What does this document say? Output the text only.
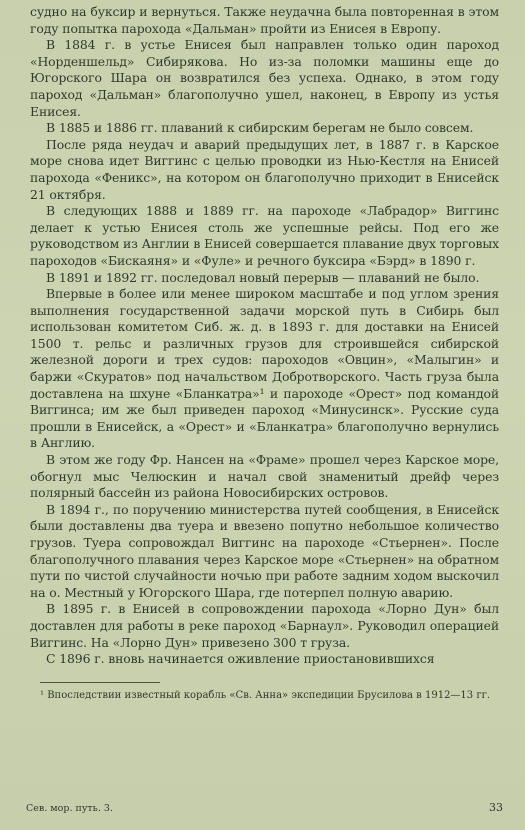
судно на буксир и вернуться. Также неудачна была повторенная в этом году попытка парохода «Дальман» пройти из Енисея в Европу.

В 1884 г. в устье Енисея был направлен только один пароход «Норденшельд» Сибирякова. Но из-за поломки машины еще до Югорского Шара он возвратился без успеха. Однако, в этом году пароход «Дальман» благополучно ушел, наконец, в Европу из устья Енисея.

В 1885 и 1886 гг. плаваний к сибирским берегам не было совсем.

После ряда неудач и аварий предыдущих лет, в 1887 г. в Карское море снова идет Виггинс с целью проводки из Нью-Кестля на Енисей парохода «Феникс», на котором он благополучно приходит в Енисейск 21 октября.

В следующих 1888 и 1889 гг. на пароходе «Лабрадор» Виггинс делает к устью Енисея столь же успешные рейсы. Под его же руководством из Англии в Енисей совершается плавание двух торговых пароходов «Бискаяня» и «Фуле» и речного буксира «Бэрд» в 1890 г.

В 1891 и 1892 гг. последовал новый перерыв — плаваний не было.

Впервые в более или менее широком масштабе и под углом зрения выполнения государственной задачи морской путь в Сибирь был использован комитетом Сиб. ж. д. в 1893 г. для доставки на Енисей 1500 т. рельс и различных грузов для строившейся сибирской железной дороги и трех судов: пароходов «Овцин», «Малыгин» и баржи «Скуратов» под начальством Добротворского. Часть груза была доставлена на шхуне «Бланкатра»¹ и пароходе «Орест» под командой Виггинса; им же был приведен пароход «Минусинск». Русские суда прошли в Енисейск, а «Орест» и «Бланкатра» благополучно вернулись в Англию.

В этом же году Фр. Нансен на «Фраме» прошел через Карское море, обогнул мыс Челюскин и начал свой знаменитый дрейф через полярный бассейн из района Новосибирских островов.

В 1894 г., по поручению министерства путей сообщения, в Енисейск были доставлены два туера и ввезено попутно небольшое количество грузов. Туера сопровождал Виггинс на пароходе «Стьернен». После благополучного плавания через Карское море «Стьернен» на обратном пути по чистой случайности ночью при работе задним ходом выскочил на о. Местный у Югорского Шара, где потерпел полную аварию.

В 1895 г. в Енисей в сопровождении парохода «Лорно Дун» был доставлен для работы в реке пароход «Барнаул». Руководил операцией Виггинс. На «Лорно Дун» привезено 300 т груза.

С 1896 г. вновь начинается оживление приостановившихся

¹ Впоследствии известный корабль «Св. Анна» экспедиции Брусилова в 1912—13 гг.

Сев. мор. путь. 3.	33
